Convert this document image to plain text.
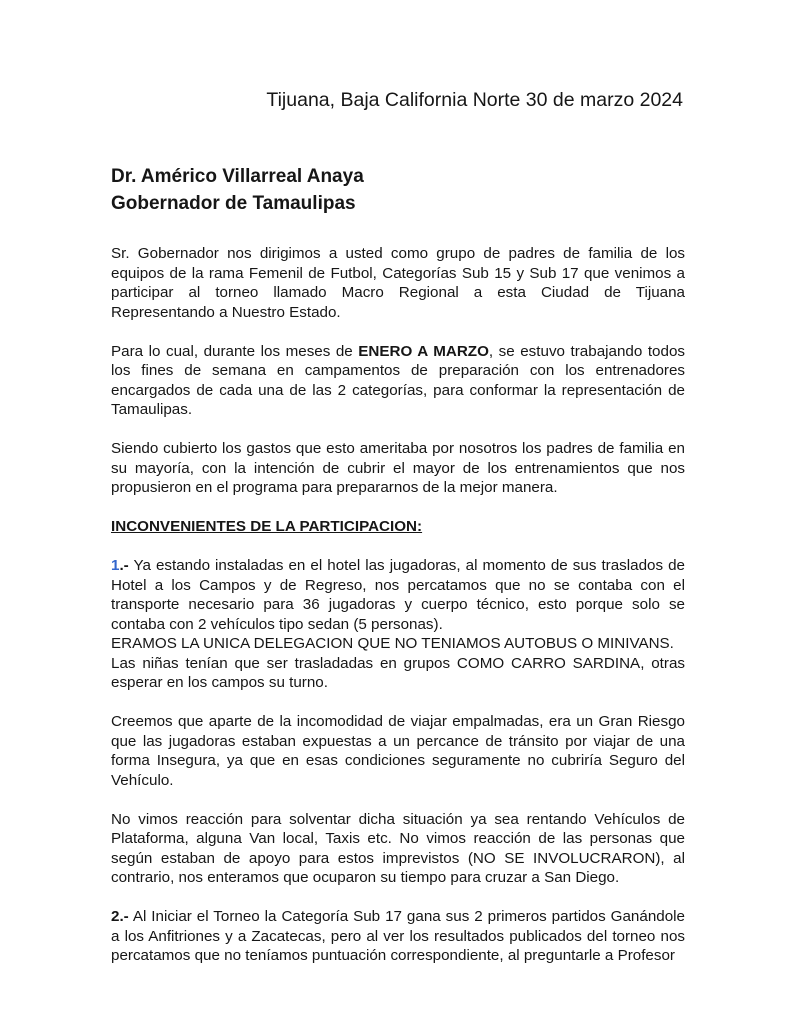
Tijuana, Baja California Norte 30 de marzo 2024
Dr. Américo Villarreal Anaya
Gobernador de Tamaulipas

Sr. Gobernador nos dirigimos a usted como grupo de padres de familia de los equipos de la rama Femenil de Futbol, Categorías Sub 15 y Sub 17 que venimos a participar al torneo llamado Macro Regional a esta Ciudad de Tijuana Representando a Nuestro Estado.

Para lo cual, durante los meses de ENERO A MARZO, se estuvo trabajando todos los fines de semana en campamentos de preparación con los entrenadores encargados de cada una de las 2 categorías, para conformar la representación de Tamaulipas.

Siendo cubierto los gastos que esto ameritaba por nosotros los padres de familia en su mayoría, con la intención de cubrir el mayor de los entrenamientos que nos propusieron en el programa para prepararnos de la mejor manera.

INCONVENIENTES DE LA PARTICIPACION:

1.- Ya estando instaladas en el hotel las jugadoras, al momento de sus traslados de Hotel a los Campos y de Regreso, nos percatamos que no se contaba con el transporte necesario para 36 jugadoras y cuerpo técnico, esto porque solo se contaba con 2 vehículos tipo sedan (5 personas).
ERAMOS LA UNICA DELEGACION QUE NO TENIAMOS AUTOBUS O MINIVANS.
Las niñas tenían que ser trasladadas en grupos COMO CARRO SARDINA, otras esperar en los campos su turno.

Creemos que aparte de la incomodidad de viajar empalmadas, era un Gran Riesgo que las jugadoras estaban expuestas a un percance de tránsito por viajar de una forma Insegura, ya que en esas condiciones seguramente no cubriría Seguro del Vehículo.

No vimos reacción para solventar dicha situación ya sea rentando Vehículos de Plataforma, alguna Van local, Taxis etc. No vimos reacción de las personas que según estaban de apoyo para estos imprevistos (NO SE INVOLUCRARON), al contrario, nos enteramos que ocuparon su tiempo para cruzar a San Diego.

2.- Al Iniciar el Torneo la Categoría Sub 17 gana sus 2 primeros partidos Ganándole a los Anfitriones y a Zacatecas, pero al ver los resultados publicados del torneo nos percatamos que no teníamos puntuación correspondiente, al preguntarle a Profesor
